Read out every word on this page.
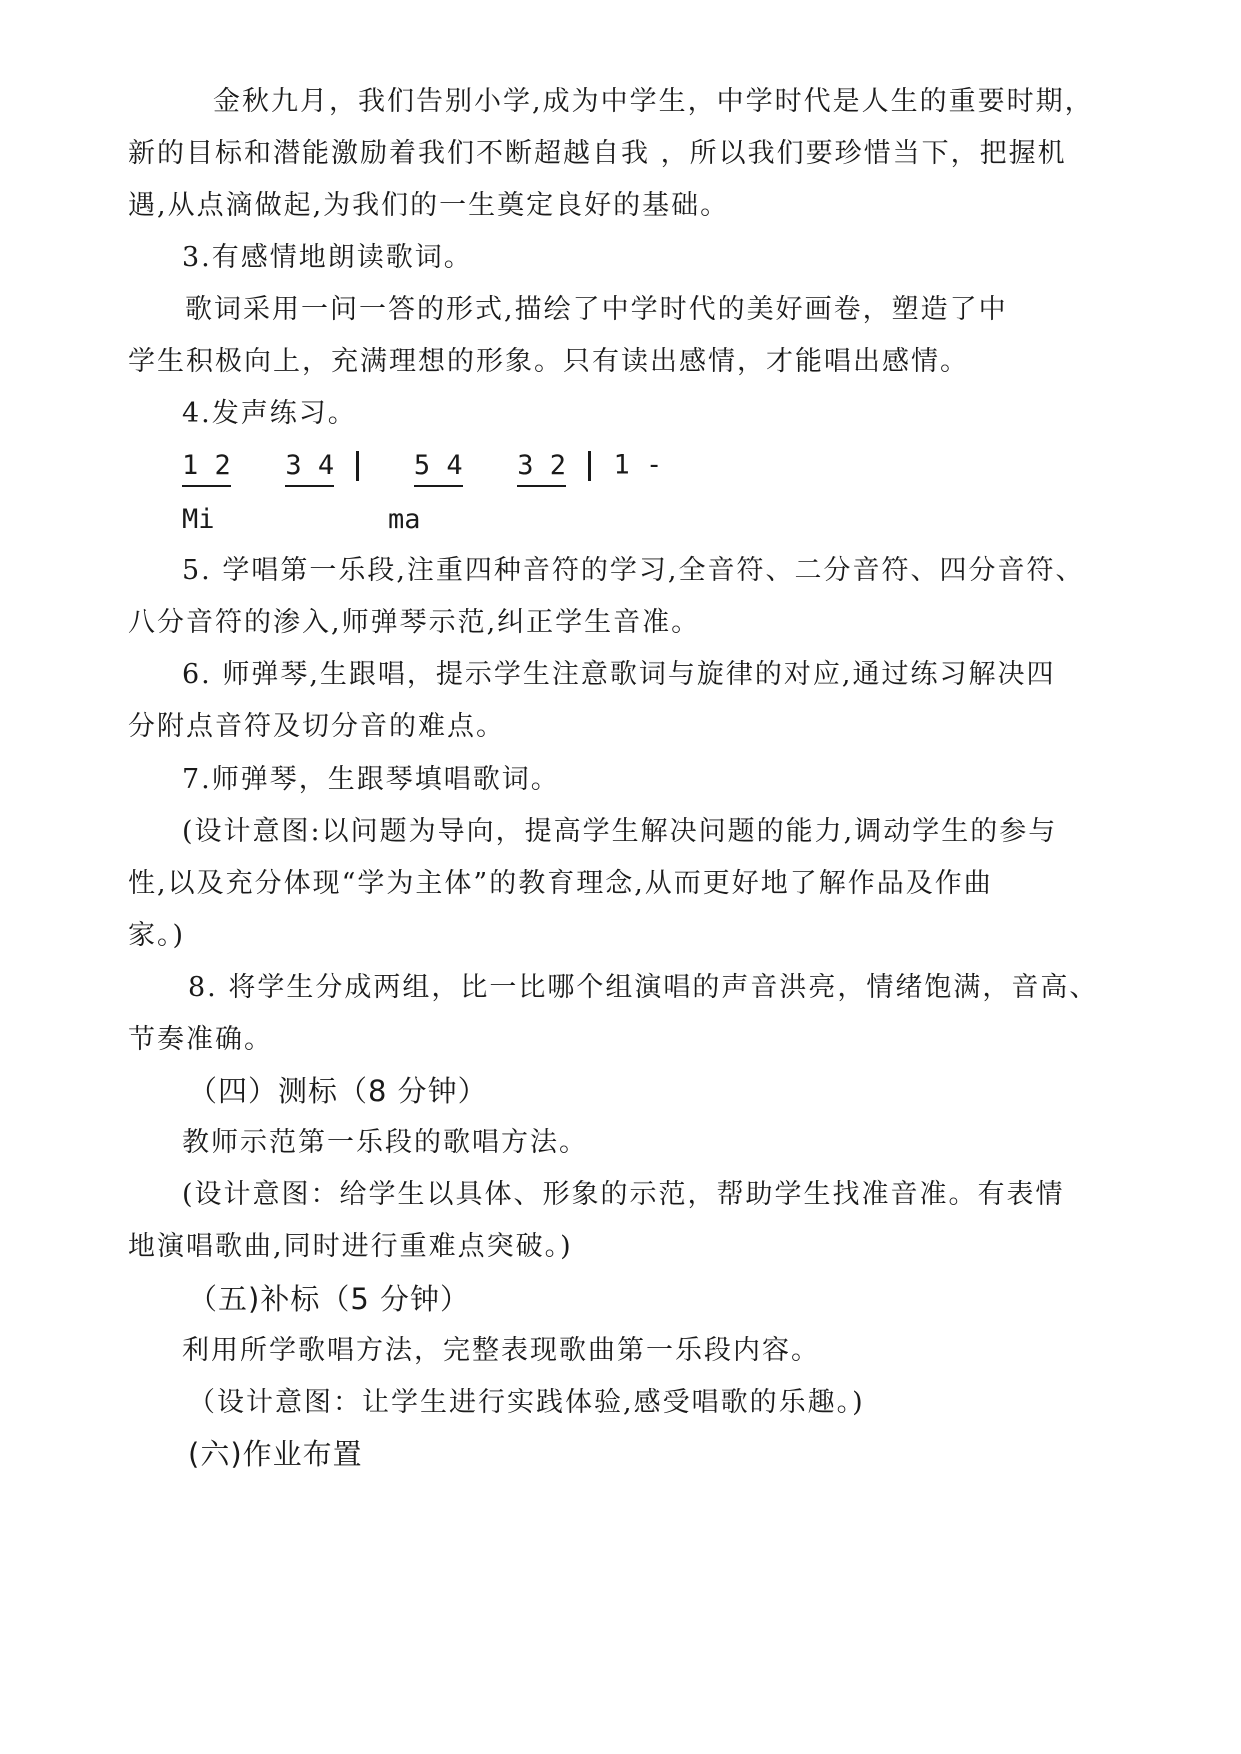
金秋九月，我们告别小学,成为中学生，中学时代是人生的重要时期，
新的目标和潜能激励着我们不断超越自我 ，所以我们要珍惜当下，把握机
遇,从点滴做起,为我们的一生奠定良好的基础。
3.有感情地朗读歌词。
歌词采用一问一答的形式,描绘了中学时代的美好画卷，塑造了中
学生积极向上，充满理想的形象。只有读出感情，才能唱出感情。
4.发声练习。
1 2 3 4	5 4 3 2 1 -
Mi	ma
5. 学唱第一乐段,注重四种音符的学习,全音符、二分音符、四分音符、
八分音符的渗入,师弹琴示范,纠正学生音准。
6. 师弹琴,生跟唱，提示学生注意歌词与旋律的对应,通过练习解决四
分附点音符及切分音的难点。
7.师弹琴，生跟琴填唱歌词。
(设计意图:以问题为导向，提高学生解决问题的能力,调动学生的参与
性,以及充分体现“学为主体”的教育理念,从而更好地了解作品及作曲
家。)
8. 将学生分成两组，比一比哪个组演唱的声音洪亮，情绪饱满，音高、
节奏准确。
（四）测标（8 分钟）
教师示范第一乐段的歌唱方法。
(设计意图：给学生以具体、形象的示范，帮助学生找准音准。有表情
地演唱歌曲,同时进行重难点突破。)
（五)补标（5 分钟）
利用所学歌唱方法，完整表现歌曲第一乐段内容。
（设计意图：让学生进行实践体验,感受唱歌的乐趣。)
(六)作业布置
